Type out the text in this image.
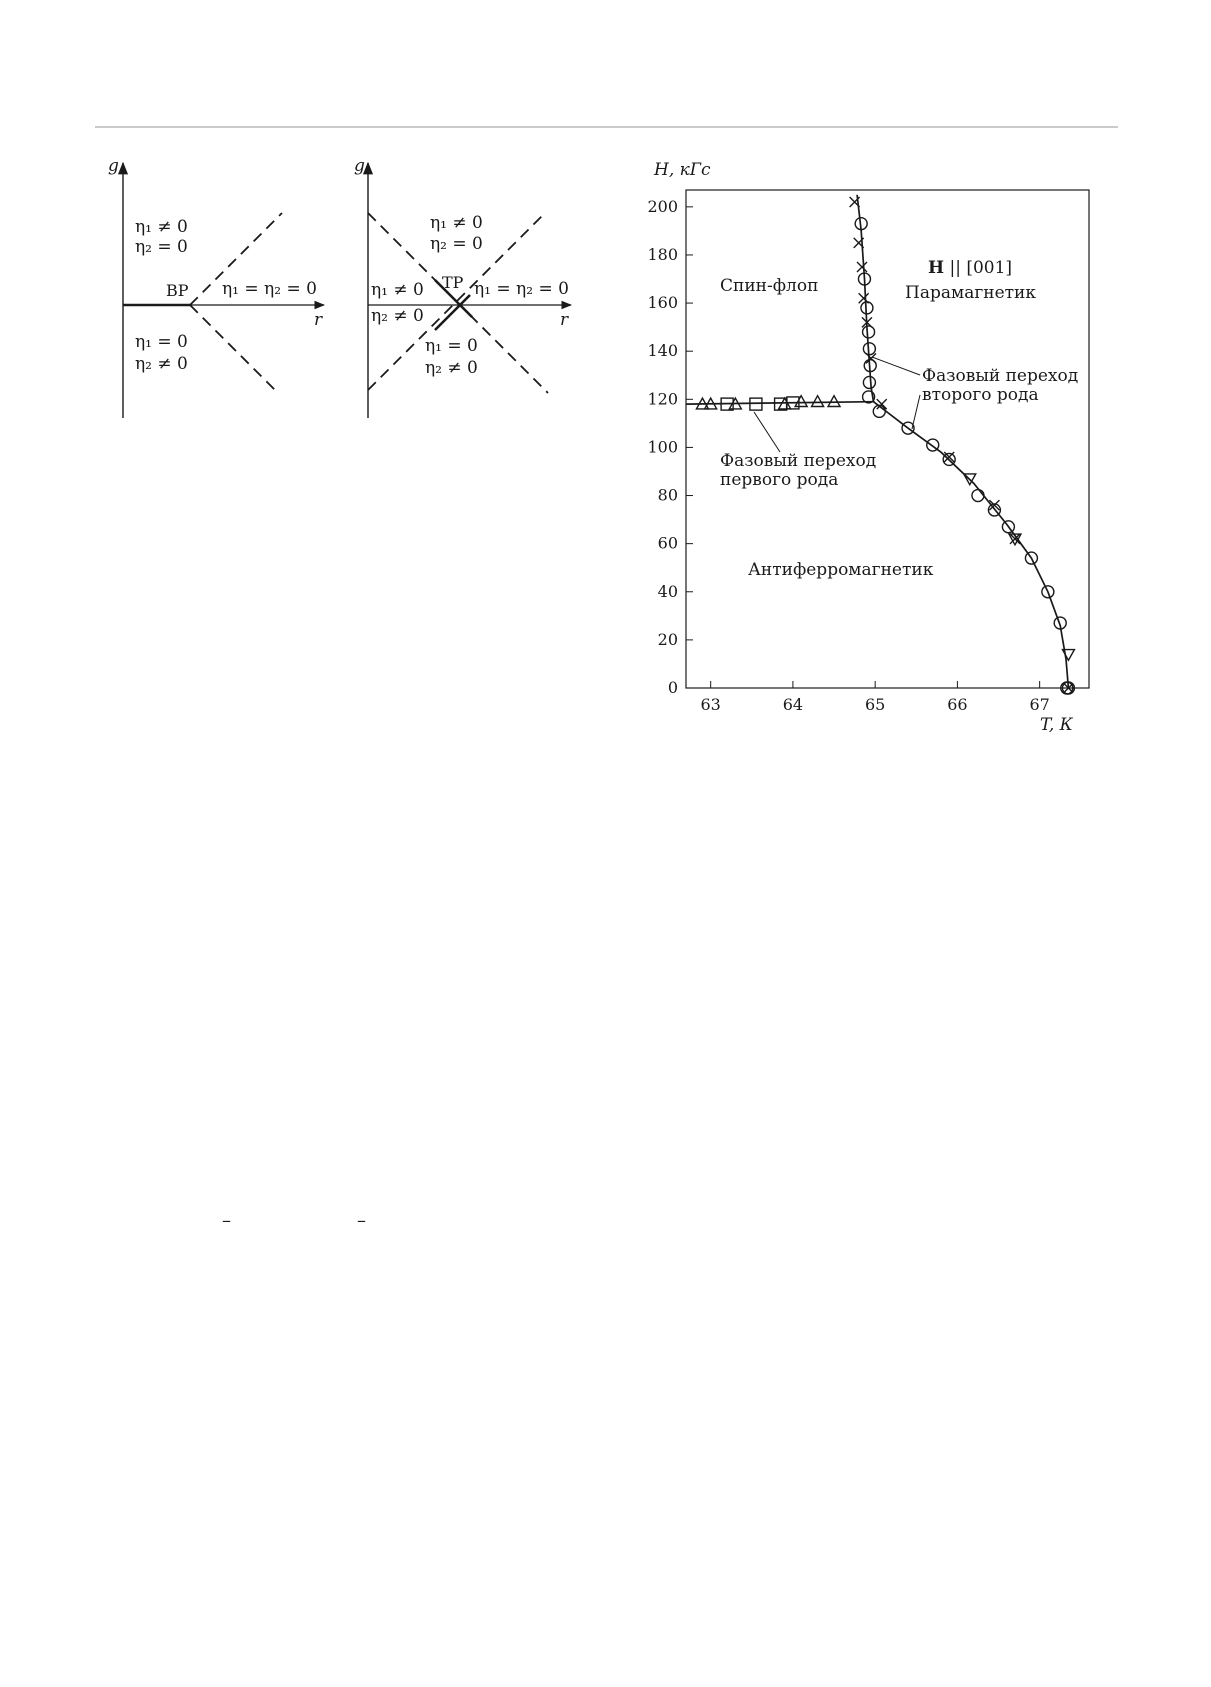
g
r
η₁ ≠ 0
η₂ = 0
BP η₁ = η₂ = 0
η₁ = 0
η₂ ≠ 0
g
r
η₁ ≠ 0
η₂ = 0
TP η₁ = η₂ = 0
η₁ ≠ 0
η₂ ≠ 0
η₁ = 0
η₂ ≠ 0
H, кГс
T, К
63	64	65	66	67
0
20
40
60
80
100
120
140
160
180
200
Спин-флоп
H || [001]
Парамагнетик
Фазовый переход
второго рода
Фазовый переход
первого рода
Антиферромагнетик
–	–
